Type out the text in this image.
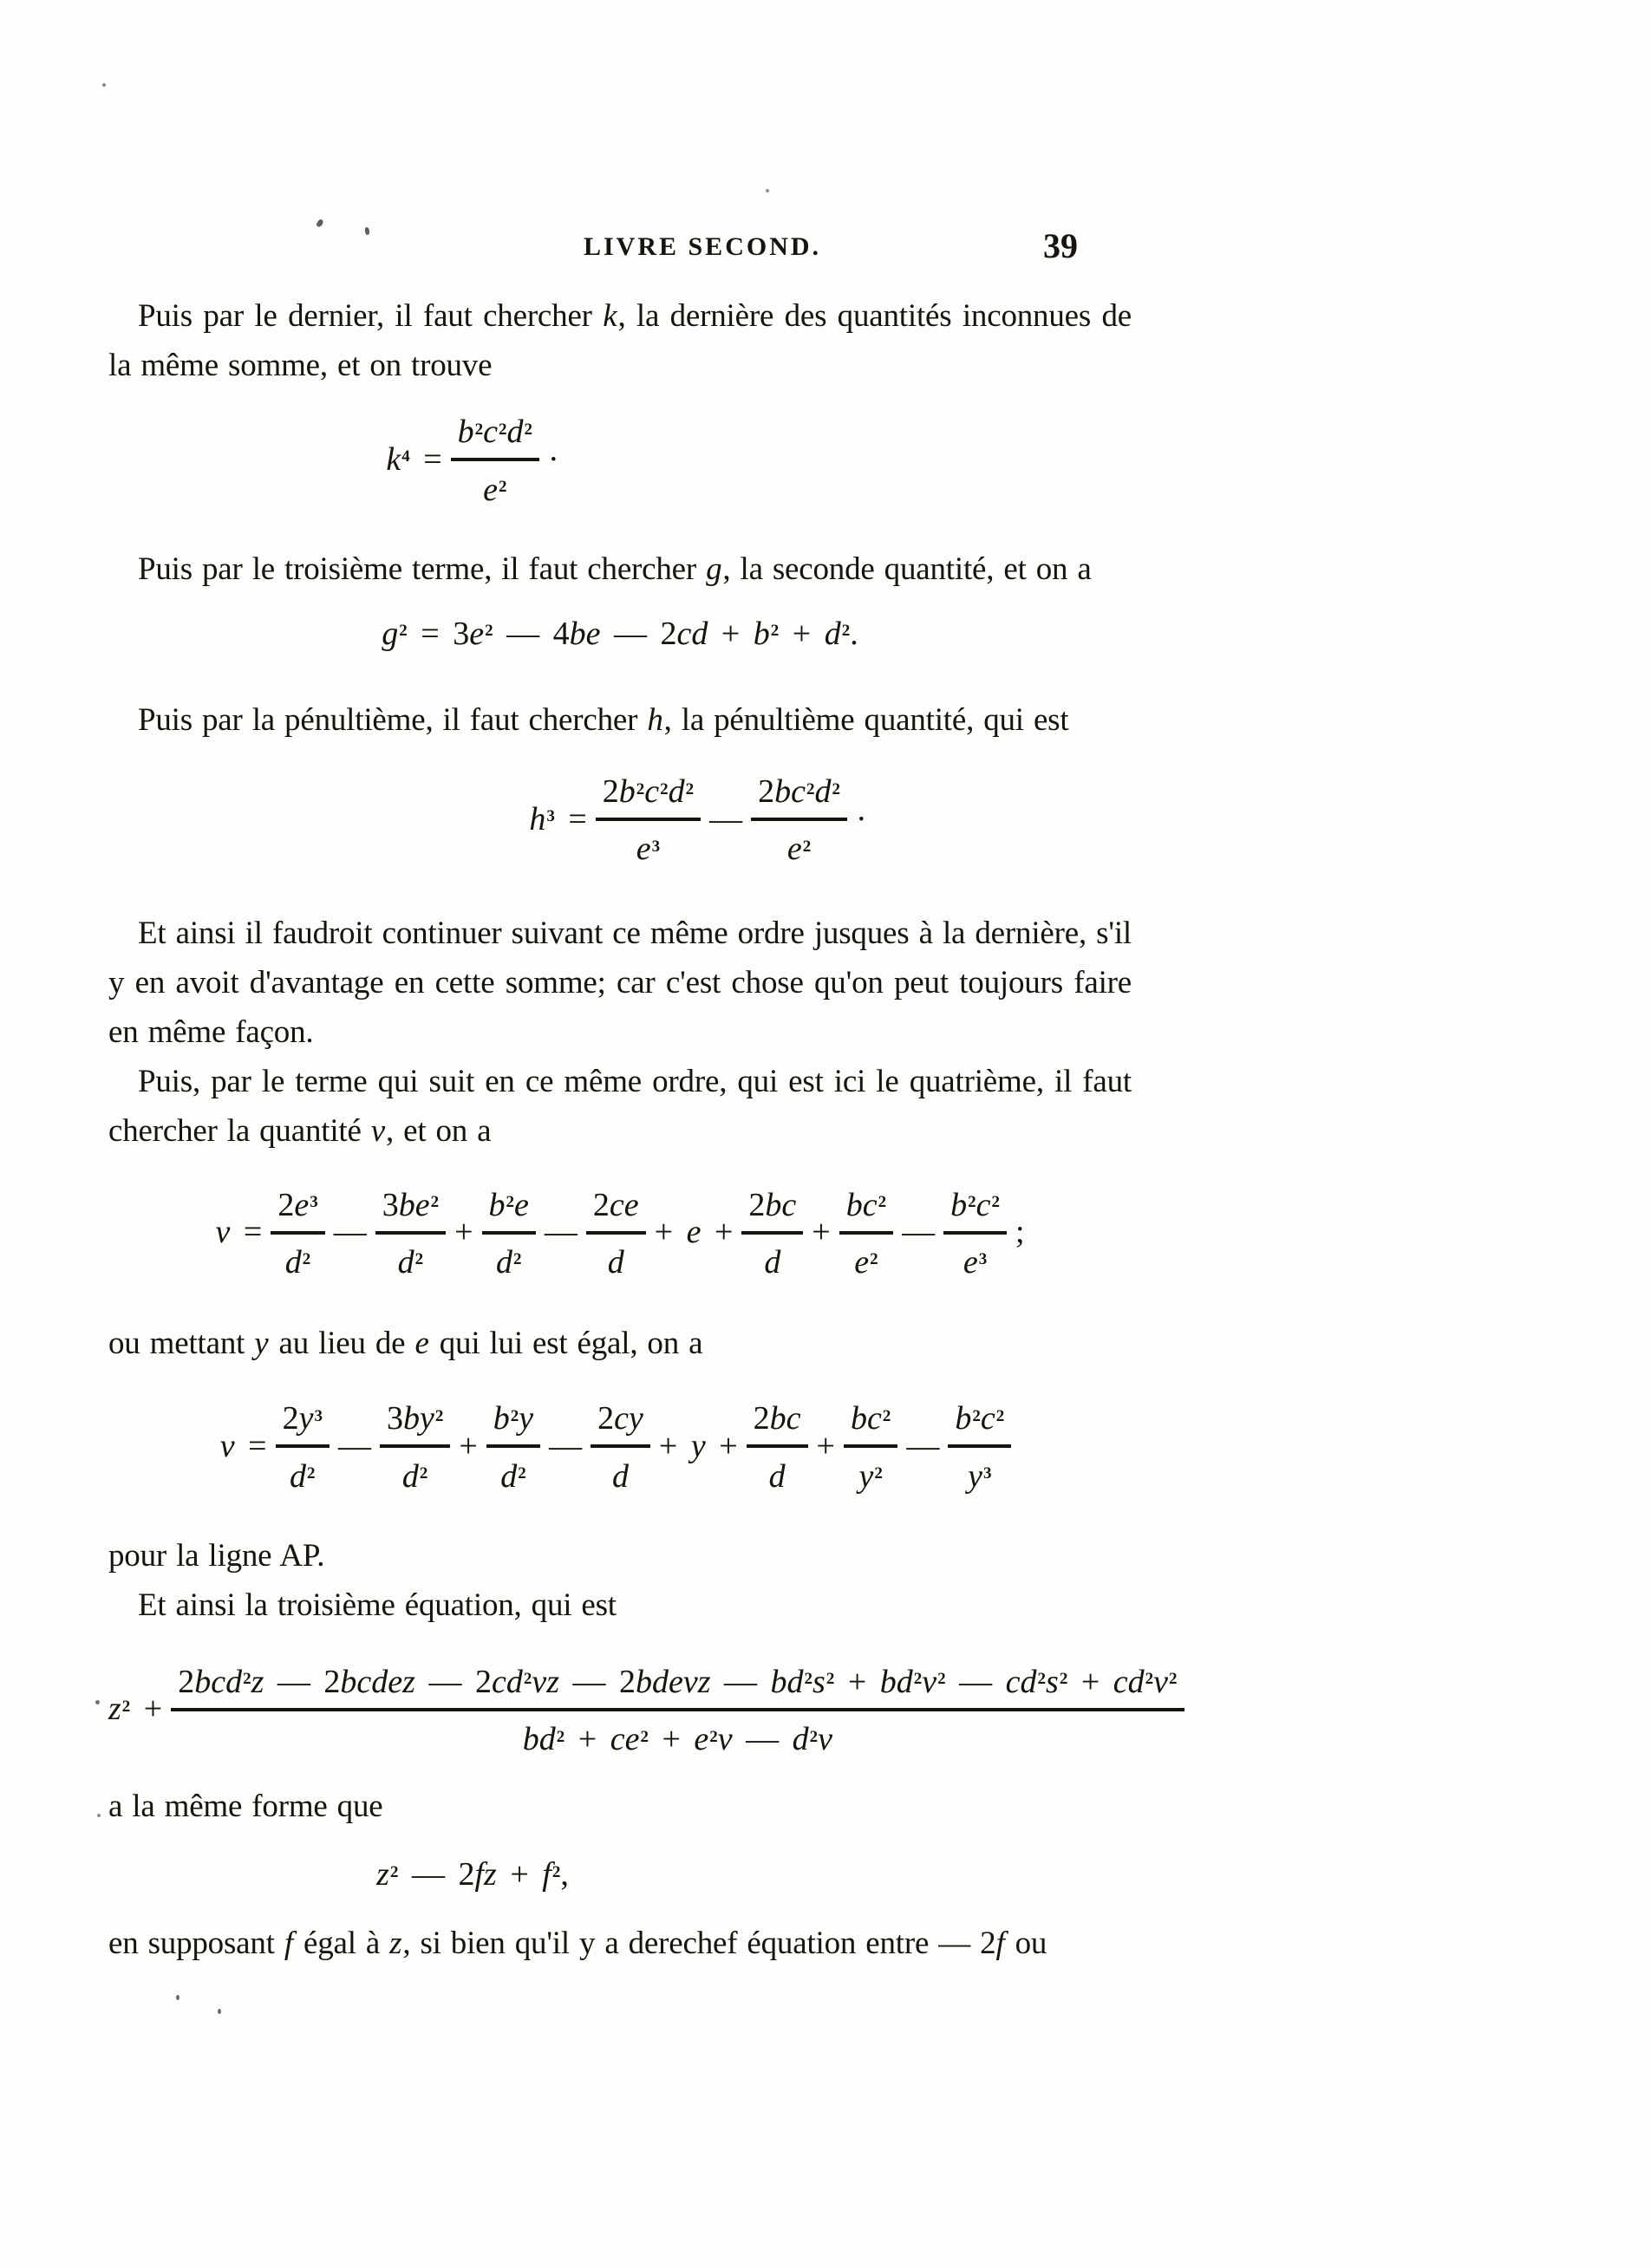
LIVRE SECOND.	39

Puis par le dernier, il faut chercher k, la dernière des quantités inconnues de la même somme, et on trouve

$k4 = \frac{b2c2d2}{e2}$ ·

Puis par le troisième terme, il faut chercher g, la seconde quantité, et on a

g2 = 3e2 — 4be — 2cd + b2 + d2.

Puis par la pénultième, il faut chercher h, la pénultième quantité, qui est

$h3 = \frac{2b2c2d2}{e3}$ — $\frac{2bc2d2}{e2}$ ·

Et ainsi il faudroit continuer suivant ce même ordre jusques à la dernière, s'il y en avoit d'avantage en cette somme; car c'est chose qu'on peut toujours faire en même façon.

Puis, par le terme qui suit en ce même ordre, qui est ici le quatrième, il faut chercher la quantité v, et on a

$v = \frac{2e3}{d2}$ — $\frac{3be2}{d2} + \frac{b2e}{d2}$ — $\frac{2ce}{d} + e + \frac{2bc}{d} + \frac{bc2}{e2}$ — $\frac{b2c2}{e3}$ ;

ou mettant y au lieu de e qui lui est égal, on a

$v = \frac{2y3}{d2}$ — $\frac{3by2}{d2} + \frac{b2y}{d2}$ — $\frac{2cy}{d} + y + \frac{2bc}{d} + \frac{bc2}{y2}$ — $\frac{b2c2}{y3}$

pour la ligne AP.

Et ainsi la troisième équation, qui est

z2 +
2bcd2z — 2bcdez — 2cd2vz — 2bdevz — bd2s2 + bd2v2 — cd2s2 + cd2v2
bd2 + ce2 + e2v — d2v

a la même forme que

z2 — 2fz + f2,

en supposant f égal à z, si bien qu'il y a derechef équation entre — 2f ou
